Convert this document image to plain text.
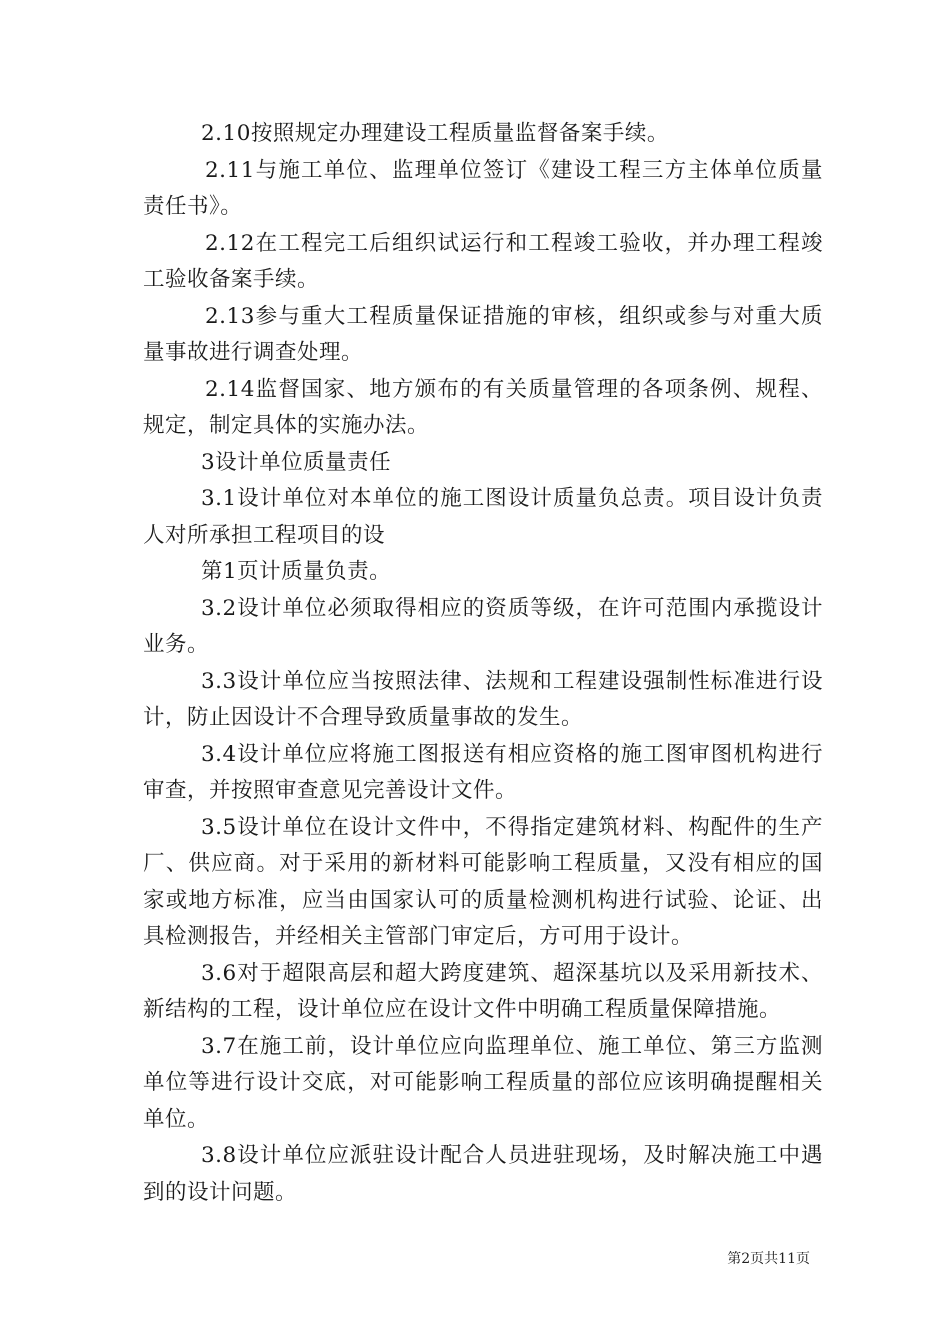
2.10按照规定办理建设工程质量监督备案手续。

2.11与施工单位、监理单位签订《建设工程三方主体单位质量责任书》。

2.12在工程完工后组织试运行和工程竣工验收，并办理工程竣工验收备案手续。

2.13参与重大工程质量保证措施的审核，组织或参与对重大质量事故进行调查处理。

2.14监督国家、地方颁布的有关质量管理的各项条例、规程、规定，制定具体的实施办法。

3设计单位质量责任

3.1设计单位对本单位的施工图设计质量负总责。项目设计负责人对所承担工程项目的设

第1页计质量负责。

3.2设计单位必须取得相应的资质等级，在许可范围内承揽设计业务。

3.3设计单位应当按照法律、法规和工程建设强制性标准进行设计，防止因设计不合理导致质量事故的发生。

3.4设计单位应将施工图报送有相应资格的施工图审图机构进行审查，并按照审查意见完善设计文件。

3.5设计单位在设计文件中，不得指定建筑材料、构配件的生产厂、供应商。对于采用的新材料可能影响工程质量，又没有相应的国家或地方标准，应当由国家认可的质量检测机构进行试验、论证、出具检测报告，并经相关主管部门审定后，方可用于设计。

3.6对于超限高层和超大跨度建筑、超深基坑以及采用新技术、新结构的工程，设计单位应在设计文件中明确工程质量保障措施。

3.7在施工前，设计单位应向监理单位、施工单位、第三方监测单位等进行设计交底，对可能影响工程质量的部位应该明确提醒相关单位。

3.8设计单位应派驻设计配合人员进驻现场，及时解决施工中遇到的设计问题。

第2页共11页
